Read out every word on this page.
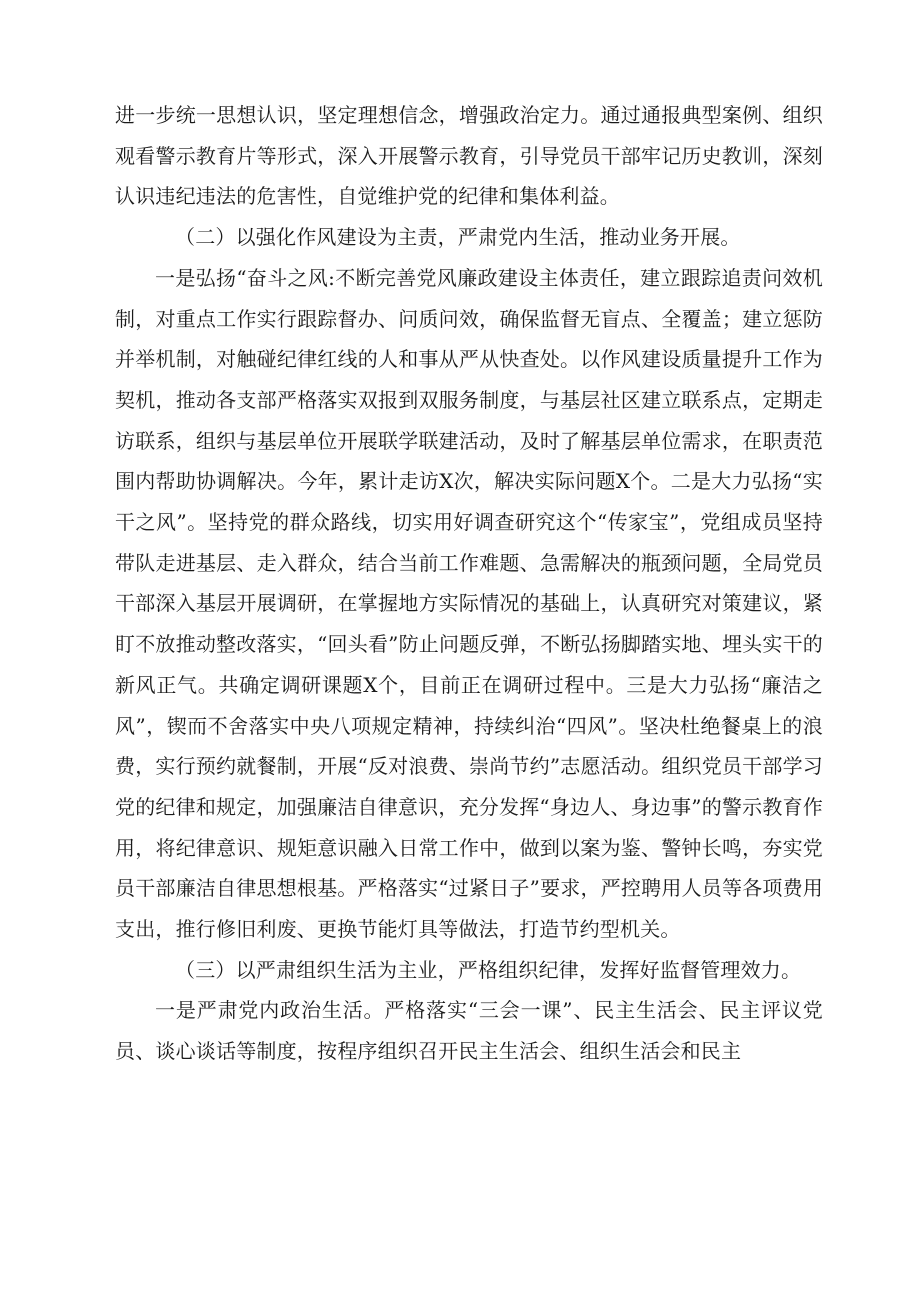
进一步统一思想认识，坚定理想信念，增强政治定力。通过通报典型案例、组织观看警示教育片等形式，深入开展警示教育，引导党员干部牢记历史教训，深刻认识违纪违法的危害性，自觉维护党的纪律和集体利益。

（二）以强化作风建设为主责，严肃党内生活，推动业务开展。

一是弘扬“奋斗之风:不断完善党风廉政建设主体责任，建立跟踪追责问效机制，对重点工作实行跟踪督办、问质问效，确保监督无盲点、全覆盖；建立惩防并举机制，对触碰纪律红线的人和事从严从快查处。以作风建设质量提升工作为契机，推动各支部严格落实双报到双服务制度，与基层社区建立联系点，定期走访联系，组织与基层单位开展联学联建活动，及时了解基层单位需求，在职责范围内帮助协调解决。今年，累计走访X次，解决实际问题X个。二是大力弘扬“实干之风”。坚持党的群众路线，切实用好调查研究这个“传家宝”，党组成员坚持带队走进基层、走入群众，结合当前工作难题、急需解决的瓶颈问题，全局党员干部深入基层开展调研，在掌握地方实际情况的基础上，认真研究对策建议，紧盯不放推动整改落实，“回头看”防止问题反弹，不断弘扬脚踏实地、埋头实干的新风正气。共确定调研课题X个，目前正在调研过程中。三是大力弘扬“廉洁之风”，锲而不舍落实中央八项规定精神，持续纠治“四风”。坚决杜绝餐桌上的浪费，实行预约就餐制，开展“反对浪费、崇尚节约”志愿活动。组织党员干部学习党的纪律和规定，加强廉洁自律意识，充分发挥“身边人、身边事”的警示教育作用，将纪律意识、规矩意识融入日常工作中，做到以案为鉴、警钟长鸣，夯实党员干部廉洁自律思想根基。严格落实“过紧日子”要求，严控聘用人员等各项费用支出，推行修旧利废、更换节能灯具等做法，打造节约型机关。

（三）以严肃组织生活为主业，严格组织纪律，发挥好监督管理效力。

一是严肃党内政治生活。严格落实“三会一课”、民主生活会、民主评议党员、谈心谈话等制度，按程序组织召开民主生活会、组织生活会和民主
